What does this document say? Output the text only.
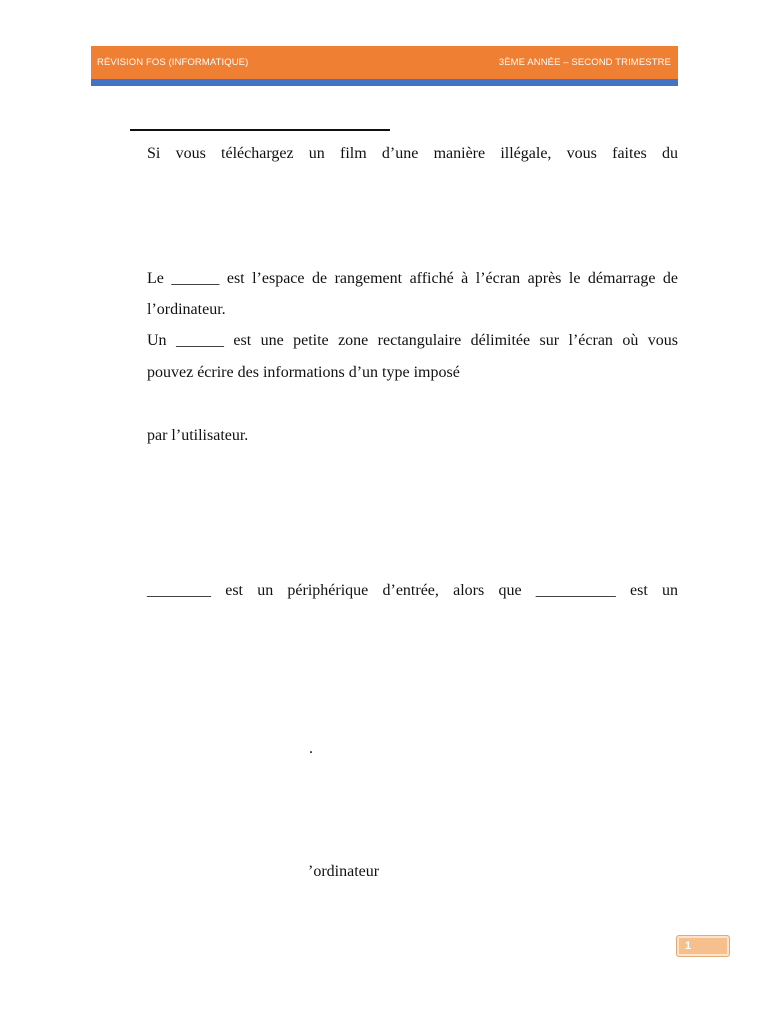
RÉVISION FOS (INFORMATIQUE)	3ÈME ANNÉE – SECOND TRIMESTRE
Si vous téléchargez un film d’une manière illégale, vous faites du
Le ______ est l’espace de rangement affiché à l’écran après le démarrage de
l’ordinateur.
Un ______ est une petite zone rectangulaire délimitée sur l’écran où vous
pouvez écrire des informations d’un type imposé
par l’utilisateur.
________ est un périphérique d’entrée, alors que __________ est un
.
’ordinateur
1
